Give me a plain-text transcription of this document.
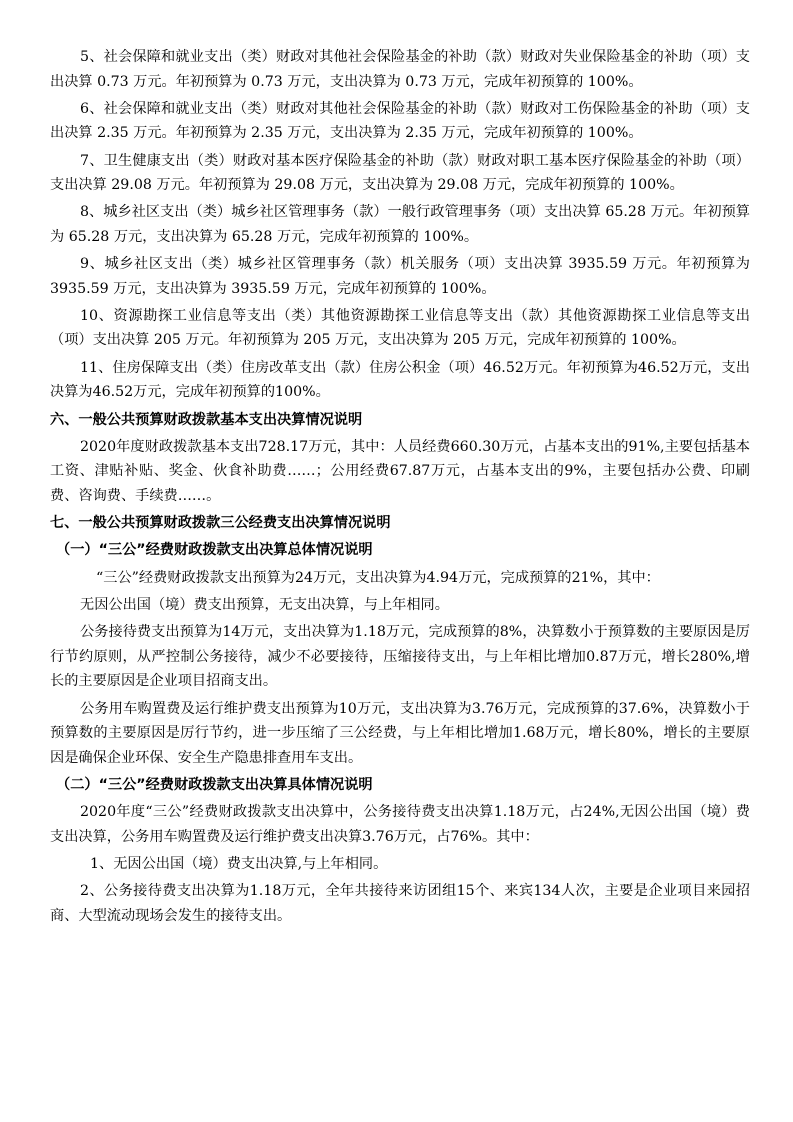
5、社会保障和就业支出（类）财政对其他社会保险基金的补助（款）财政对失业保险基金的补助（项）支出决算 0.73 万元。年初预算为 0.73 万元，支出决算为 0.73 万元，完成年初预算的 100%。

6、社会保障和就业支出（类）财政对其他社会保险基金的补助（款）财政对工伤保险基金的补助（项）支出决算 2.35 万元。年初预算为 2.35 万元，支出决算为 2.35 万元，完成年初预算的 100%。

7、卫生健康支出（类）财政对基本医疗保险基金的补助（款）财政对职工基本医疗保险基金的补助（项）支出决算 29.08 万元。年初预算为 29.08 万元，支出决算为 29.08 万元，完成年初预算的 100%。

8、城乡社区支出（类）城乡社区管理事务（款）一般行政管理事务（项）支出决算 65.28 万元。年初预算为 65.28 万元，支出决算为 65.28 万元，完成年初预算的 100%。

9、城乡社区支出（类）城乡社区管理事务（款）机关服务（项）支出决算 3935.59 万元。年初预算为 3935.59 万元，支出决算为 3935.59 万元，完成年初预算的 100%。

10、资源勘探工业信息等支出（类）其他资源勘探工业信息等支出（款）其他资源勘探工业信息等支出（项）支出决算 205 万元。年初预算为 205 万元，支出决算为 205 万元，完成年初预算的 100%。

11、住房保障支出（类）住房改革支出（款）住房公积金（项）46.52万元。年初预算为46.52万元，支出决算为46.52万元，完成年初预算的100%。

六、一般公共预算财政拨款基本支出决算情况说明

2020年度财政拨款基本支出728.17万元，其中：人员经费660.30万元，占基本支出的91%,主要包括基本工资、津贴补贴、奖金、伙食补助费……；公用经费67.87万元，占基本支出的9%，主要包括办公费、印刷费、咨询费、手续费……。

七、一般公共预算财政拨款三公经费支出决算情况说明
（一）“三公”经费财政拨款支出决算总体情况说明

“三公”经费财政拨款支出预算为24万元，支出决算为4.94万元，完成预算的21%，其中：

无因公出国（境）费支出预算，无支出决算，与上年相同。

公务接待费支出预算为14万元，支出决算为1.18万元，完成预算的8%，决算数小于预算数的主要原因是厉行节约原则，从严控制公务接待，减少不必要接待，压缩接待支出，与上年相比增加0.87万元，增长280%,增长的主要原因是企业项目招商支出。

公务用车购置费及运行维护费支出预算为10万元，支出决算为3.76万元，完成预算的37.6%，决算数小于预算数的主要原因是厉行节约，进一步压缩了三公经费，与上年相比增加1.68万元，增长80%，增长的主要原因是确保企业环保、安全生产隐患排查用车支出。

（二）“三公”经费财政拨款支出决算具体情况说明

2020年度“三公”经费财政拨款支出决算中，公务接待费支出决算1.18万元，占24%,无因公出国（境）费支出决算，公务用车购置费及运行维护费支出决算3.76万元，占76%。其中：

1、无因公出国（境）费支出决算,与上年相同。

2、公务接待费支出决算为1.18万元，全年共接待来访团组15个、来宾134人次，主要是企业项目来园招商、大型流动现场会发生的接待支出。
